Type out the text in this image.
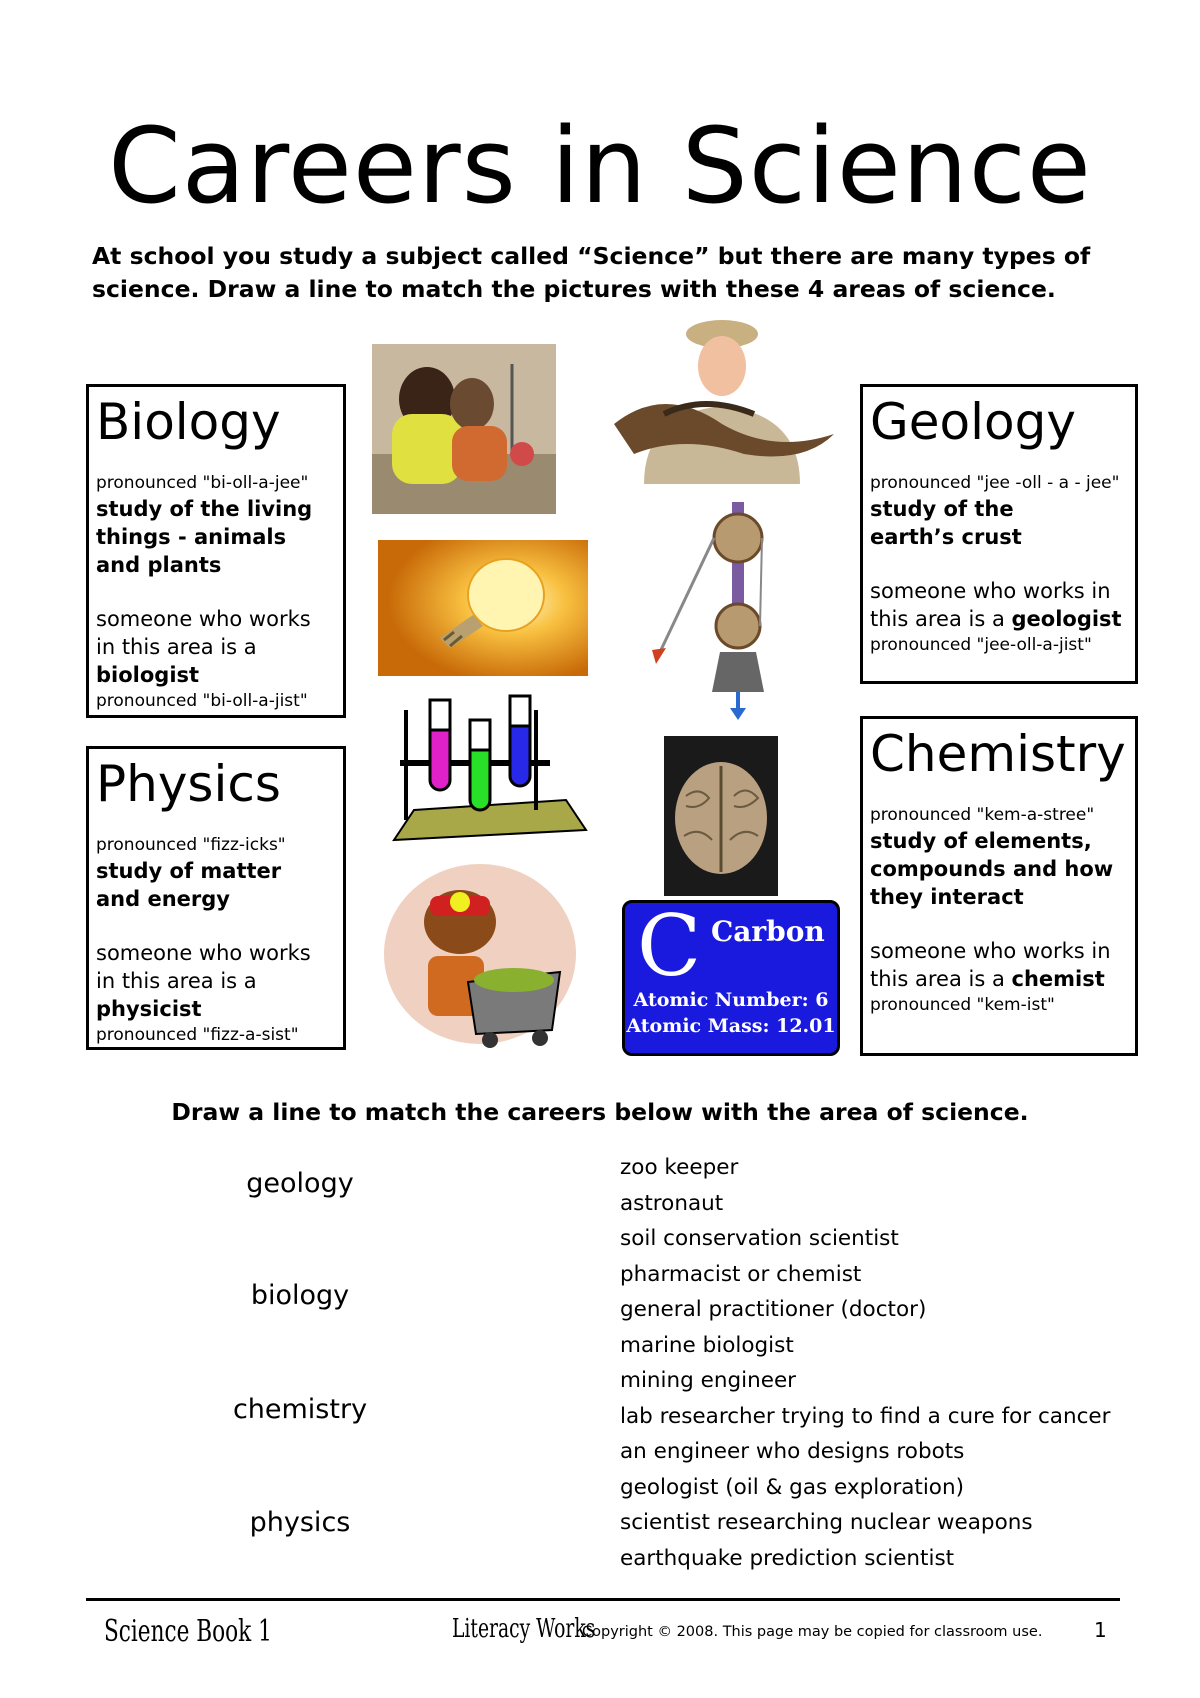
Careers in Science
At school you study a subject called “Science” but there are many types of science. Draw a line to match the pictures with these 4 areas of science.
Biology
pronounced "bi-oll-a-jee"
study of the living things - animals and plants
someone who works in this area is a biologist
pronounced "bi-oll-a-jist"
Physics
pronounced "fizz-icks"
study of matter and energy
someone who works in this area is a physicist
pronounced "fizz-a-sist"
Geology
pronounced "jee -oll - a - jee"
study of the earth’s crust
someone who works in this area is a geologist
pronounced "jee-oll-a-jist"
Chemistry
pronounced "kem-a-stree"
study of elements, compounds and how they interact
someone who works in this area is a chemist
pronounced "kem-ist"
C Carbon
Atomic Number: 6
Atomic Mass: 12.01
Draw a line to match the careers below with the area of science.
geology
biology
chemistry
physics
zoo keeper
astronaut
soil conservation scientist
pharmacist or chemist
general practitioner (doctor)
marine biologist
mining engineer
lab researcher trying to find a cure for cancer
an engineer who designs robots
geologist (oil & gas exploration)
scientist researching nuclear weapons
earthquake prediction scientist
Science Book 1	Literacy Works
Copyright © 2008. This page may be copied for classroom use.	1
